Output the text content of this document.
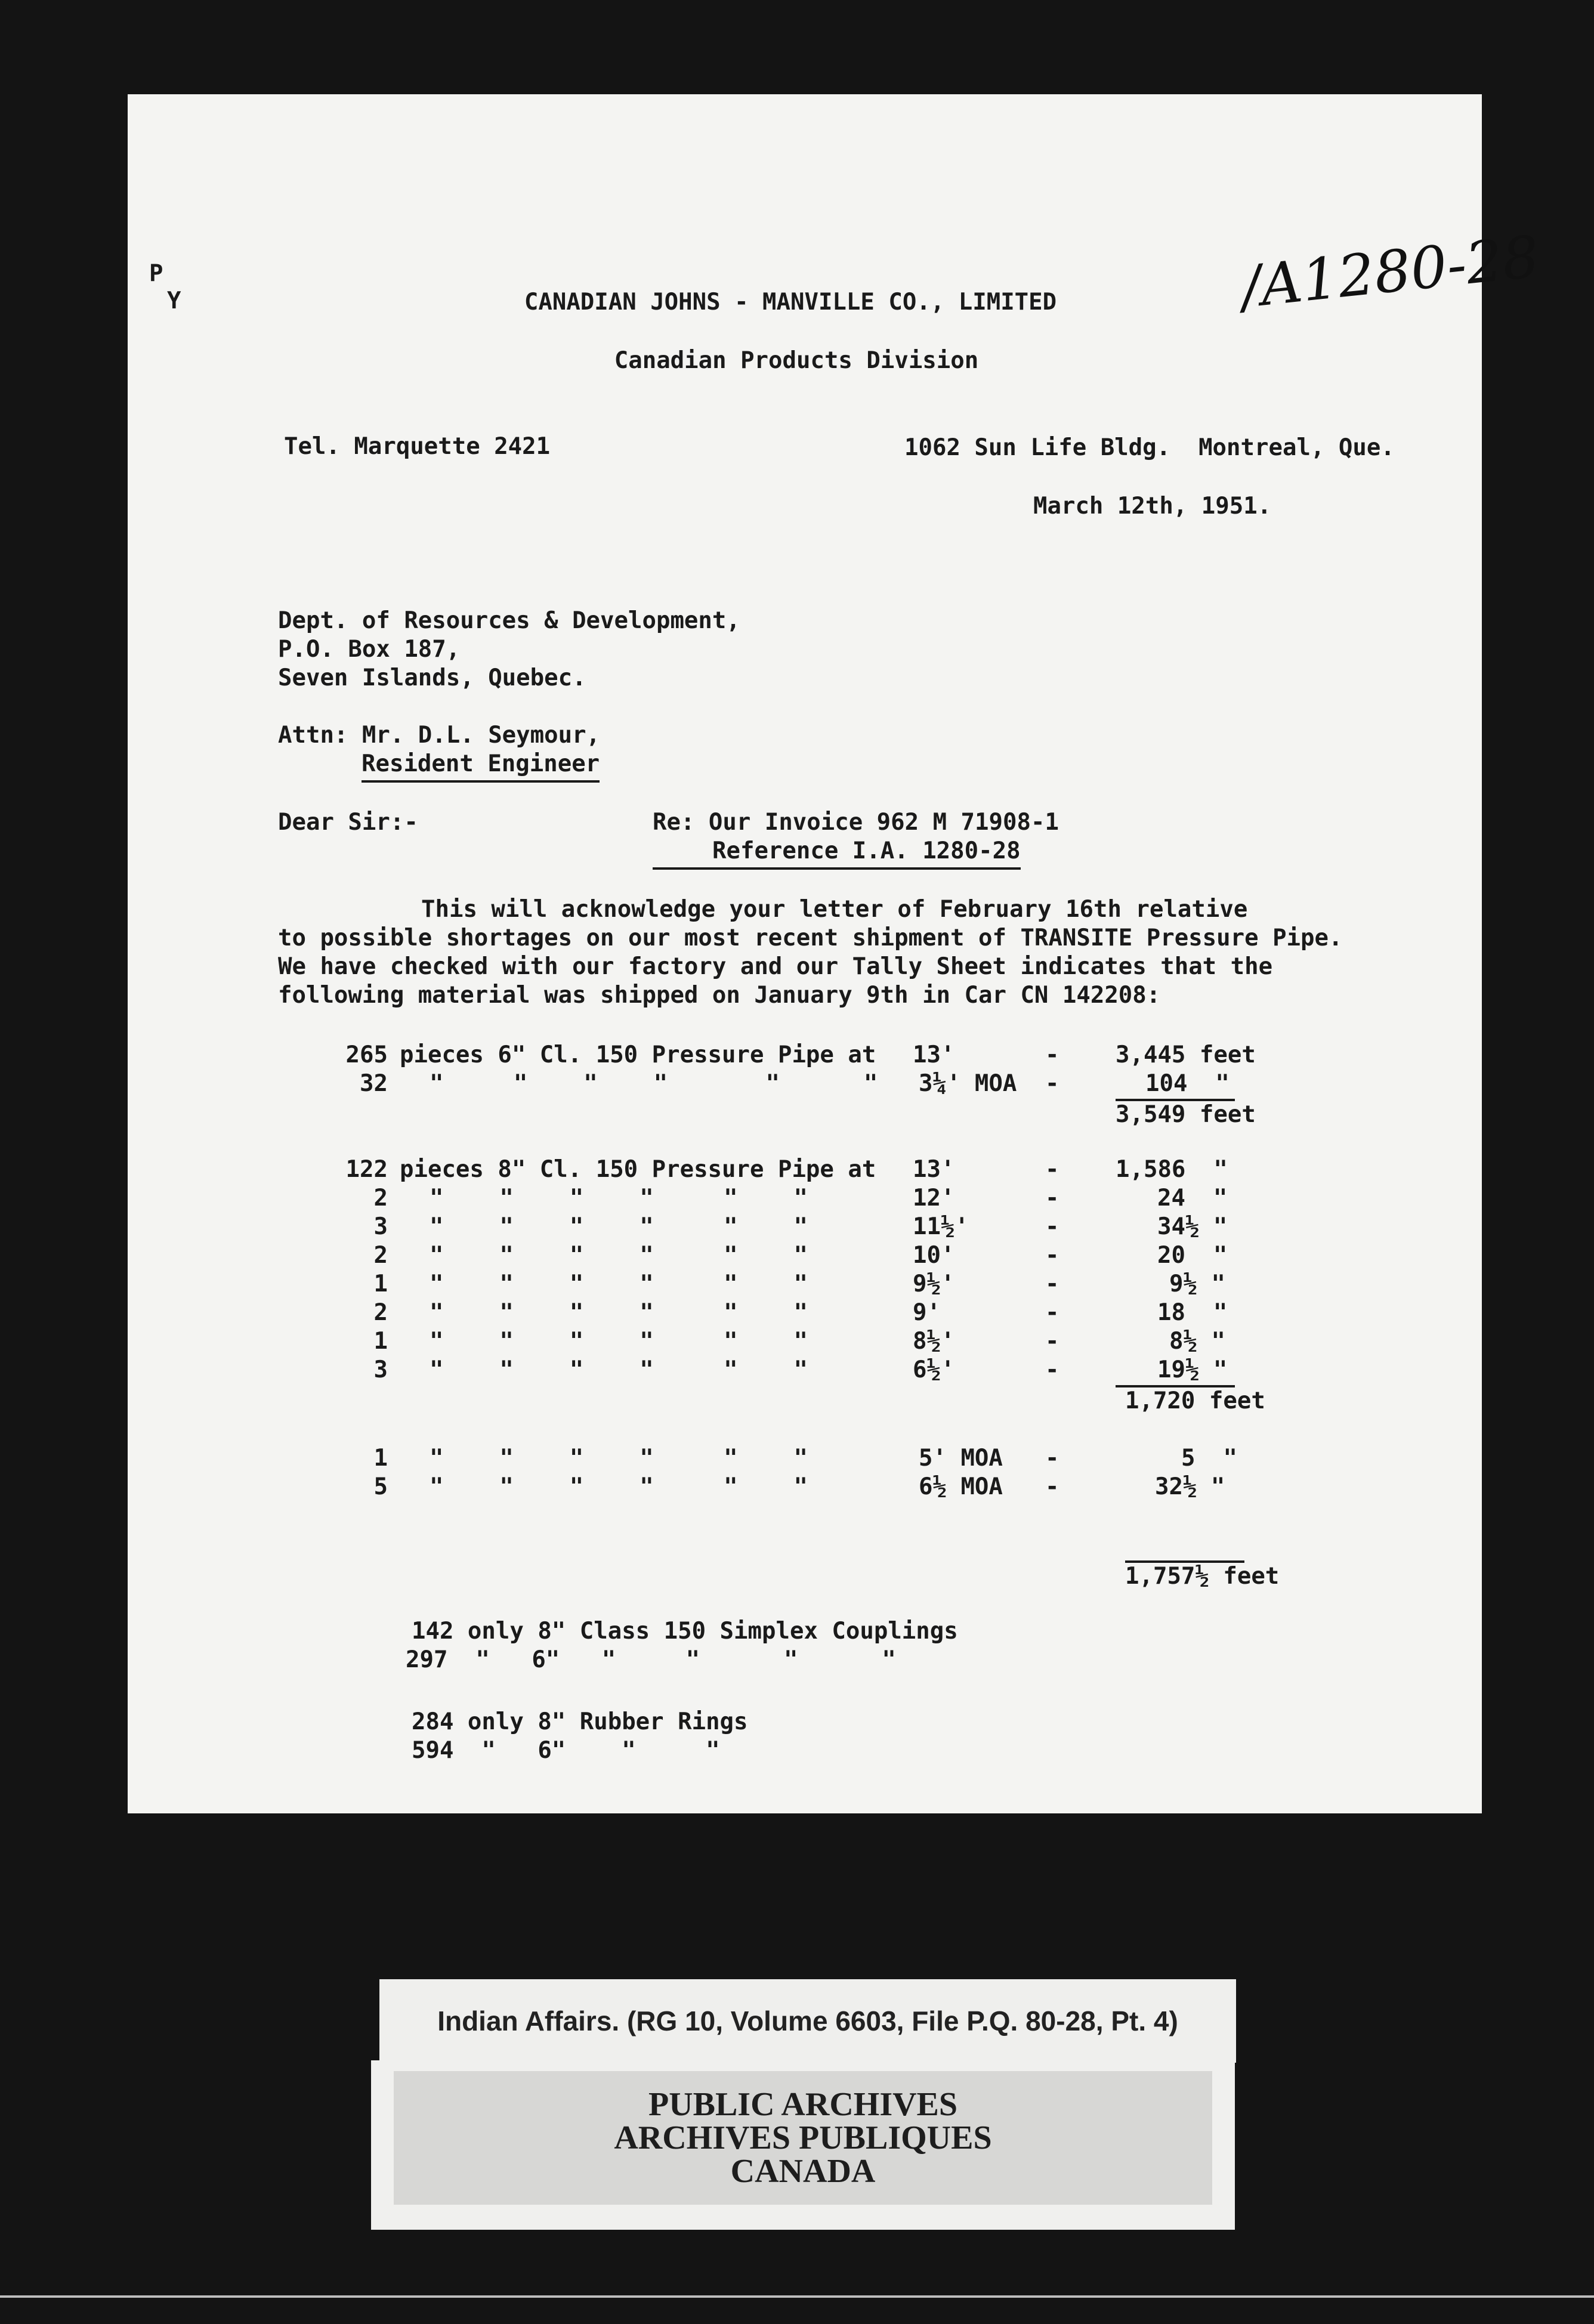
P
Y	/A1280-28
CANADIAN JOHNS - MANVILLE CO., LIMITED
Canadian Products Division
Tel. Marquette 2421	1062 Sun Life Bldg.  Montreal, Que.
March 12th, 1951.
Dept. of Resources & Development,
P.O. Box 187,
Seven Islands, Quebec.
Attn: Mr. D.L. Seymour,
Resident Engineer
Dear Sir:-	Re: Our Invoice 962 M 71908-1
Reference I.A. 1280-28
This will acknowledge your letter of February 16th relative
to possible shortages on our most recent shipment of TRANSITE Pressure Pipe.
We have checked with our factory and our Tally Sheet indicates that the
following material was shipped on January 9th in Car CN 142208:
265 pieces 6" Cl. 150 Pressure Pipe at 13'	- 3,445 feet
32 "     "    "    "       "      " 3¼' MOA -	104  "
3,549 feet
122 pieces 8" Cl. 150 Pressure Pipe at 13'	- 1,586  "
2 "    "    "    "     "    "	12'	-	24  "
3 "    "    "    "     "    "	11½'	-	34½ "
2 "    "    "    "     "    "	10'	-	20  "
1 "    "    "    "     "    "	9½'	-	9½ "
2 "    "    "    "     "    "	9'	-	18  "
1 "    "    "    "     "    "	8½'	-	8½ "
3 "    "    "    "     "    "	6½'	-	19½ "
1,720 feet
1 "    "    "    "     "    "	5' MOA -	5  "
5 "    "    "    "     "    "	6½ MOA -	32½ "
1,757½ feet
142 only 8" Class 150 Simplex Couplings
297  "   6"   "     "      "      "
284 only 8" Rubber Rings
594  "   6"    "     "
Indian Affairs. (RG 10, Volume 6603, File P.Q. 80-28, Pt. 4)
PUBLIC ARCHIVES
ARCHIVES PUBLIQUES
CANADA
